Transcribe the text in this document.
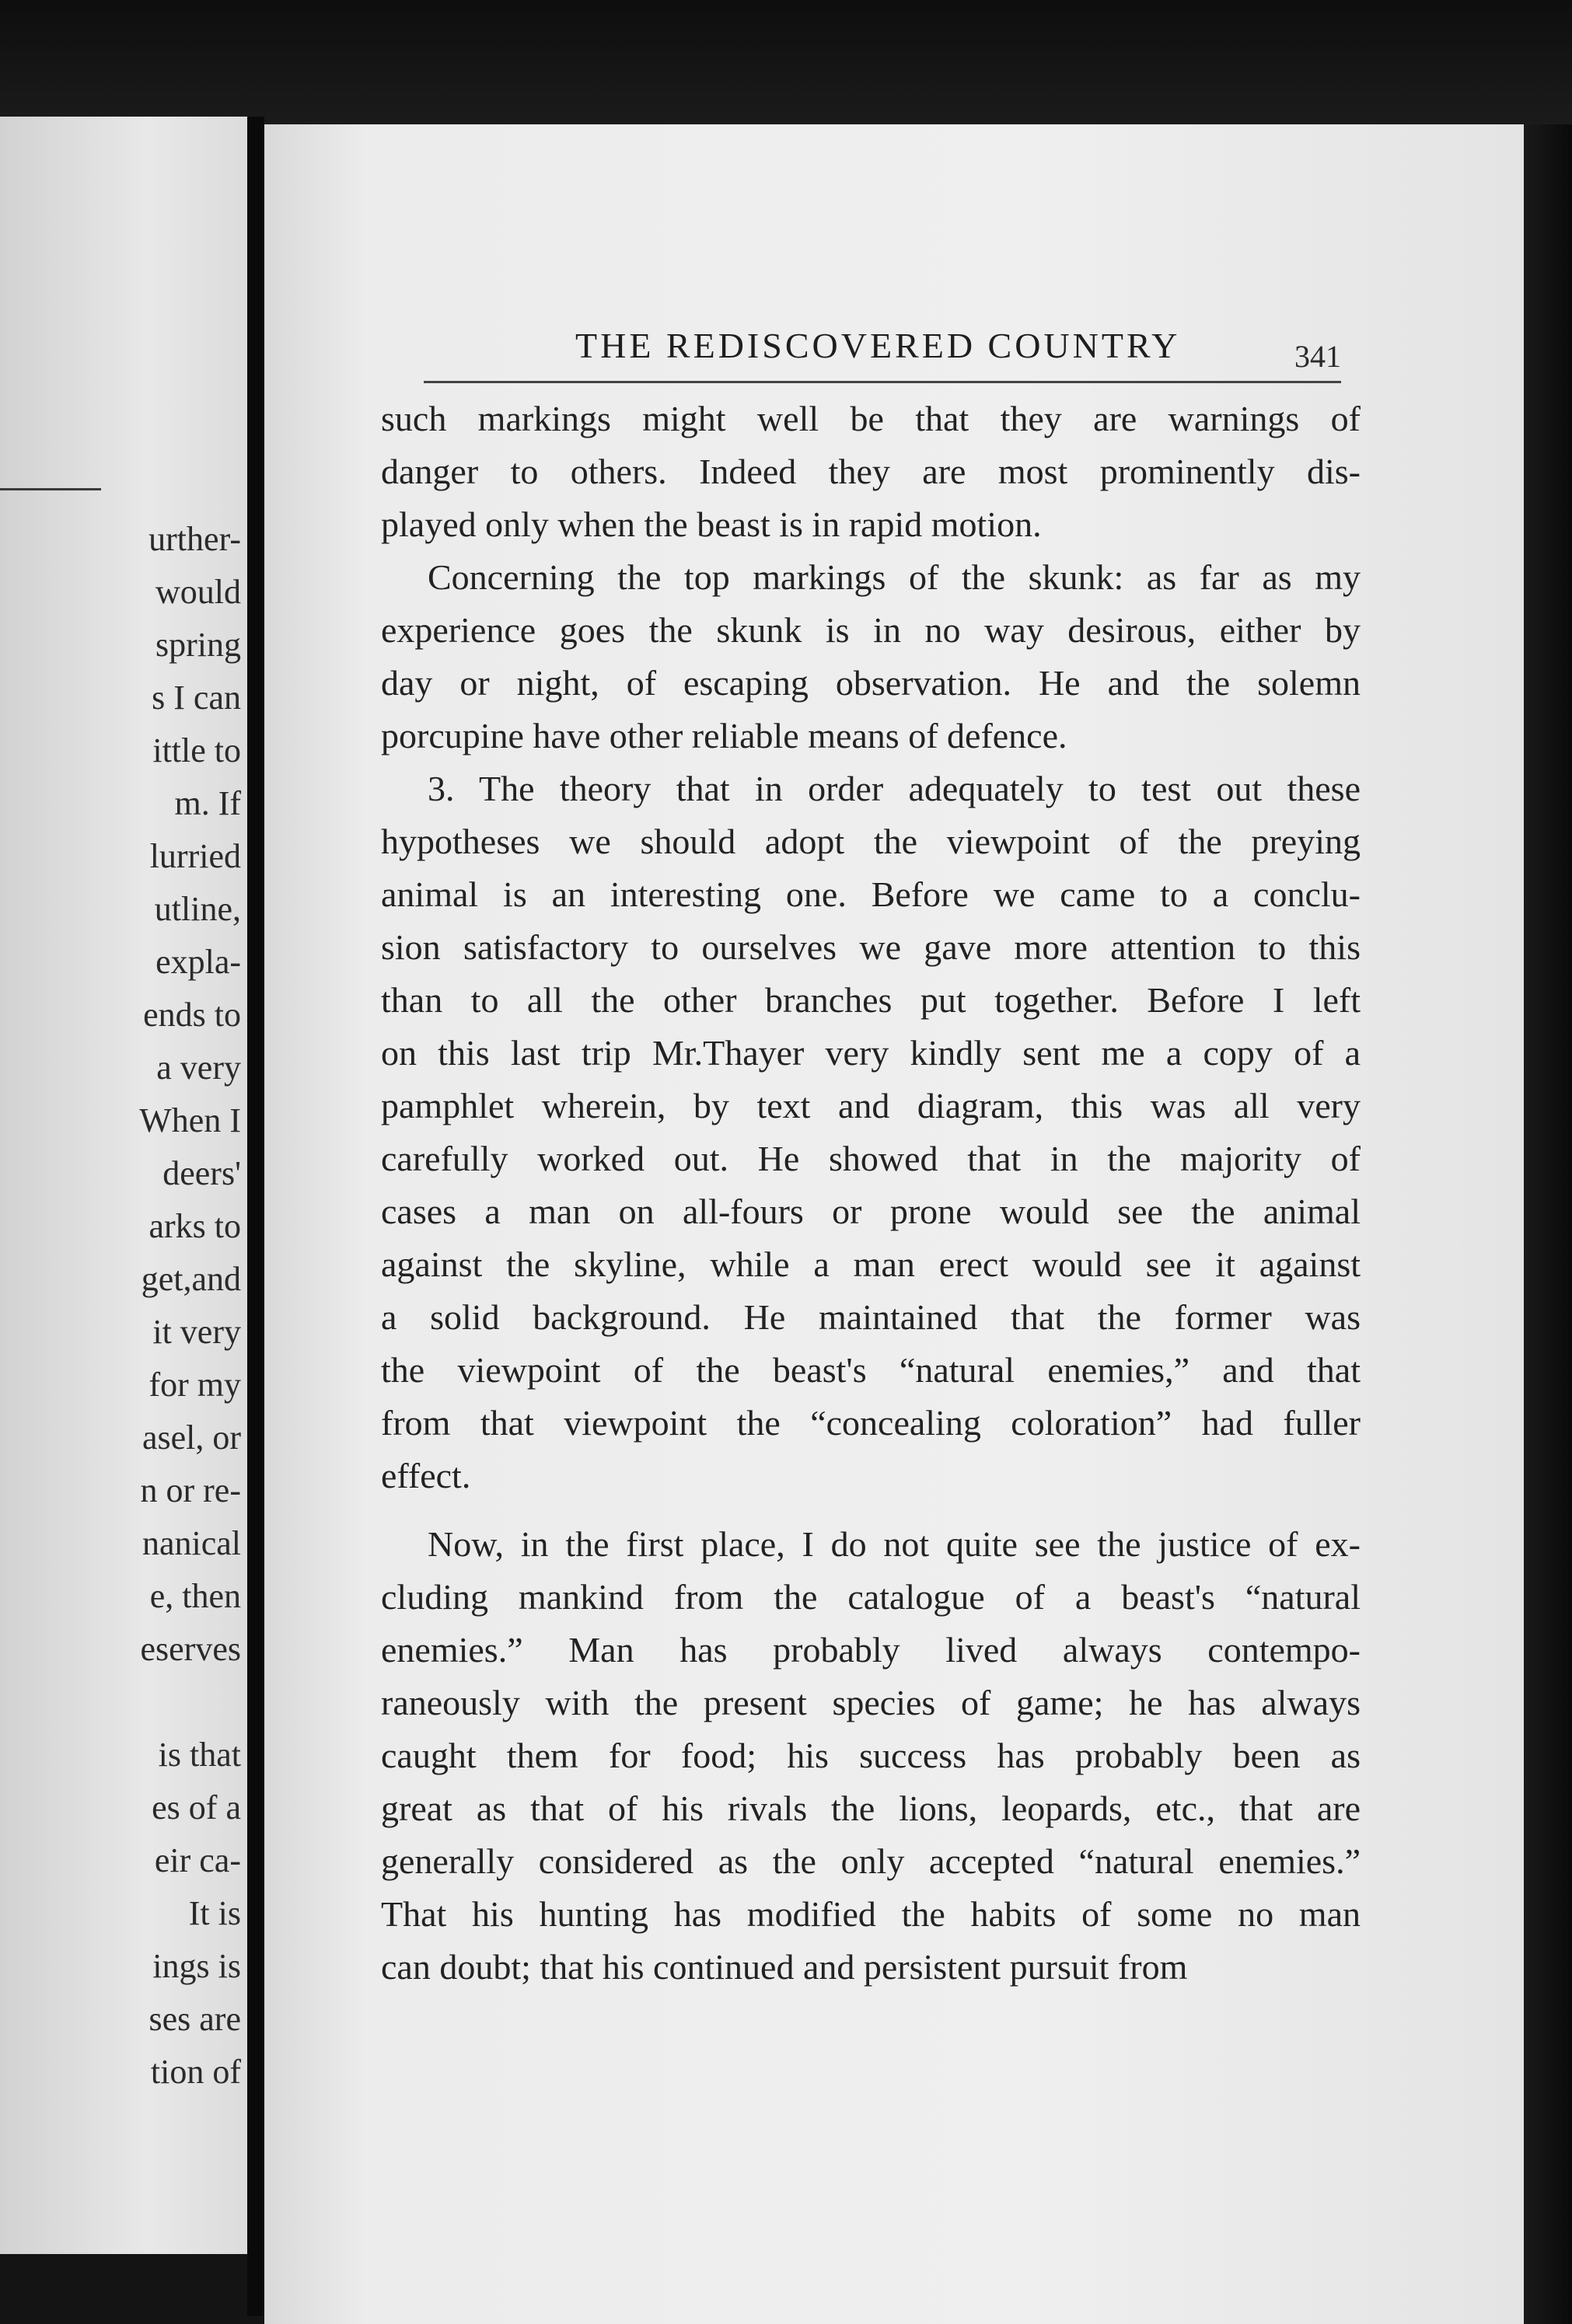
urther-
would
spring
s I can
ittle to
m. If
lurried
utline,
expla-
ends to
a very
When I
deers'
arks to
get,and
it very
for my
asel, or
n or re-
nanical
e, then
eserves
is that
es of a
eir ca-
It is
ings is
ses are
tion of
THE REDISCOVERED COUNTRY	341
such markings might well be that they are warnings of
danger to others. Indeed they are most prominently dis-
played only when the beast is in rapid motion.
Concerning the top markings of the skunk: as far as my
experience goes the skunk is in no way desirous, either by
day or night, of escaping observation. He and the solemn
porcupine have other reliable means of defence.
3. The theory that in order adequately to test out these
hypotheses we should adopt the viewpoint of the preying
animal is an interesting one. Before we came to a conclu-
sion satisfactory to ourselves we gave more attention to this
than to all the other branches put together. Before I left
on this last trip Mr.Thayer very kindly sent me a copy of a
pamphlet wherein, by text and diagram, this was all very
carefully worked out. He showed that in the majority of
cases a man on all-fours or prone would see the animal
against the skyline, while a man erect would see it against
a solid background. He maintained that the former was
the viewpoint of the beast's “natural enemies,” and that
from that viewpoint the “concealing coloration” had fuller
effect.
Now, in the first place, I do not quite see the justice of ex-
cluding mankind from the catalogue of a beast's “natural
enemies.” Man has probably lived always contempo-
raneously with the present species of game; he has always
caught them for food; his success has probably been as
great as that of his rivals the lions, leopards, etc., that are
generally considered as the only accepted “natural enemies.”
That his hunting has modified the habits of some no man
can doubt; that his continued and persistent pursuit from
